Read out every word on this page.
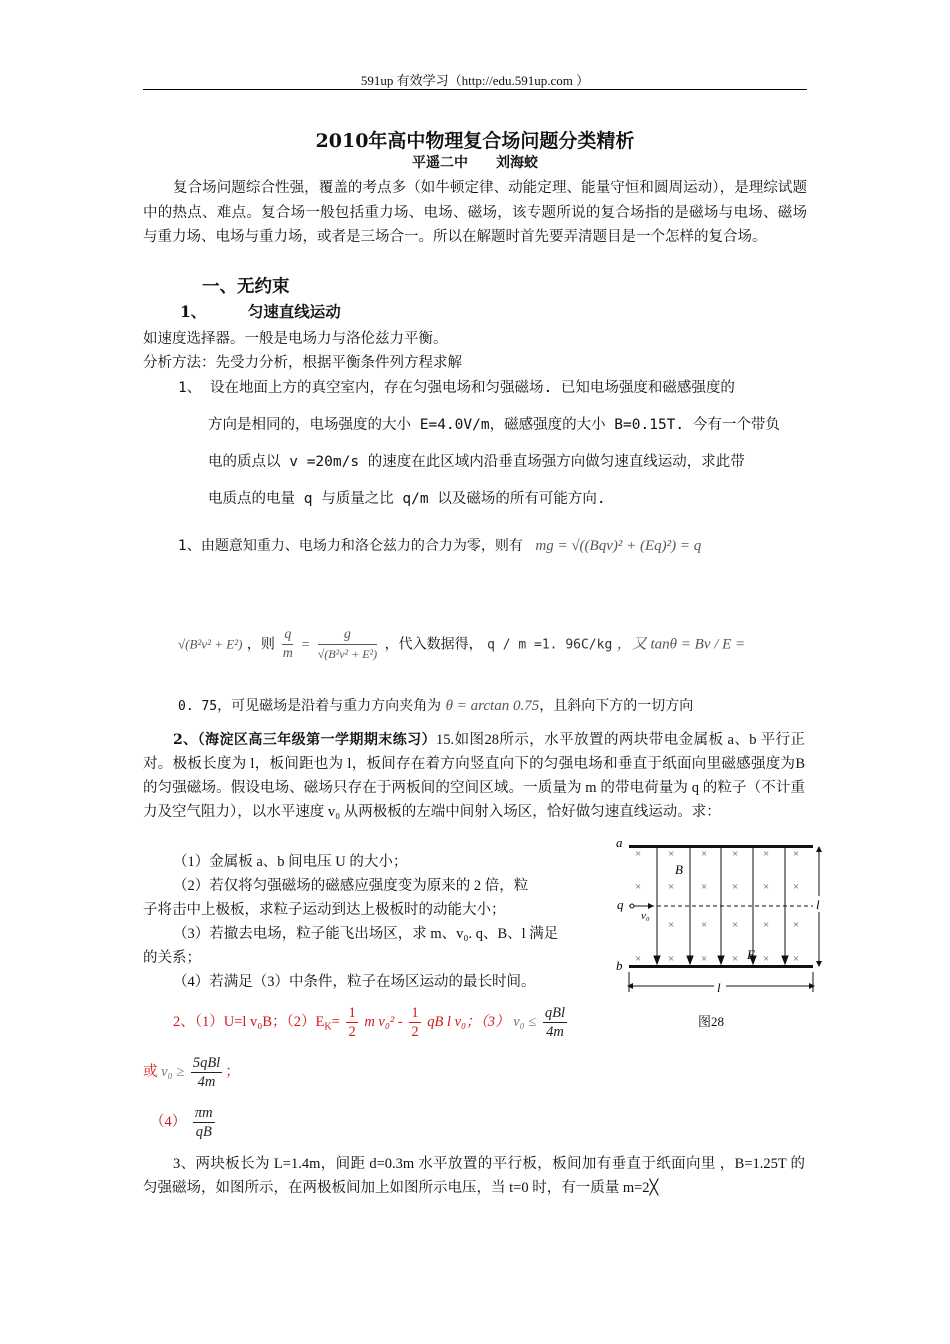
591up 有效学习（http://edu.591up.com ）
2010年高中物理复合场问题分类精析
平遥二中　　刘海蛟
复合场问题综合性强，覆盖的考点多（如牛顿定律、动能定理、能量守恒和圆周运动），是理综试题中的热点、难点。复合场一般包括重力场、电场、磁场，该专题所说的复合场指的是磁场与电场、磁场与重力场、电场与重力场，或者是三场合一。所以在解题时首先要弄清题目是一个怎样的复合场。
一、无约束
1、	匀速直线运动
如速度选择器。一般是电场力与洛伦兹力平衡。
分析方法：先受力分析，根据平衡条件列方程求解
1、 设在地面上方的真空室内，存在匀强电场和匀强磁场. 已知电场强度和磁感强度的
方向是相同的，电场强度的大小 E=4.0V/m，磁感强度的大小 B=0.15T. 今有一个带负
电的质点以 v =20m/s 的速度在此区域内沿垂直场强方向做匀速直线运动，求此带
电质点的电量 q 与质量之比 q/m 以及磁场的所有可能方向.
1、由题意知重力、电场力和洛仑兹力的合力为零，则有 mg = √((Bqv)² + (Eq)²) = q
√(B²v² + E²) ，则 $\frac{q}{m} = \frac{g}{\text{√(B²v² + E²)}}$ ，代入数据得， q / m =1. 96C/kg ，又 tanθ = Bv / E =
0. 75，可见磁场是沿着与重力方向夹角为 θ = arctan 0.75，且斜向下方的一切方向
2、（海淀区高三年级第一学期期末练习）15.如图28所示，水平放置的两块带电金属板 a、b 平行正对。极板长度为 l，板间距也为 l，板间存在着方向竖直向下的匀强电场和垂直于纸面向里磁感强度为B的匀强磁场。假设电场、磁场只存在于两板间的空间区域。一质量为 m 的带电荷量为 q 的粒子（不计重力及空气阻力），以水平速度 v₀ 从两极板的左端中间射入场区，恰好做匀速直线运动。求：
（1）金属板 a、b 间电压 U 的大小；
（2）若仅将匀强磁场的磁感应强度变为原来的 2 倍，粒
子将击中上极板，求粒子运动到达上极板时的动能大小；
（3）若撤去电场，粒子能飞出场区，求 m、v₀. q、B、l 满足
的关系；
（4）若满足（3）中条件，粒子在场区运动的最长时间。
2、（1）U=l v₀B；$(2)E_K= \frac{1}{2}$ m $v_0^2 - \frac{1}{2}$ qB l v₀；（3） $v_0 \le \frac{\text{qBl}}{4m}$
或 $v_0 \ge \frac{\text{5qBl}}{4m}$ ；
$(4) \frac{\pi m}{qB}$
× × × × × ×
× × × × × ×
× × × × ×
× × × × × ×
a
b
q
v₀
B
E
l
l
图28
3、两块板长为 L=1.4m，间距 d=0.3m 水平放置的平行板，板间加有垂直于纸面向里 ，B=1.25T 的匀强磁场，如图所示，在两极板间加上如图所示电压，当 t=0 时，有一质量 m=2╳
